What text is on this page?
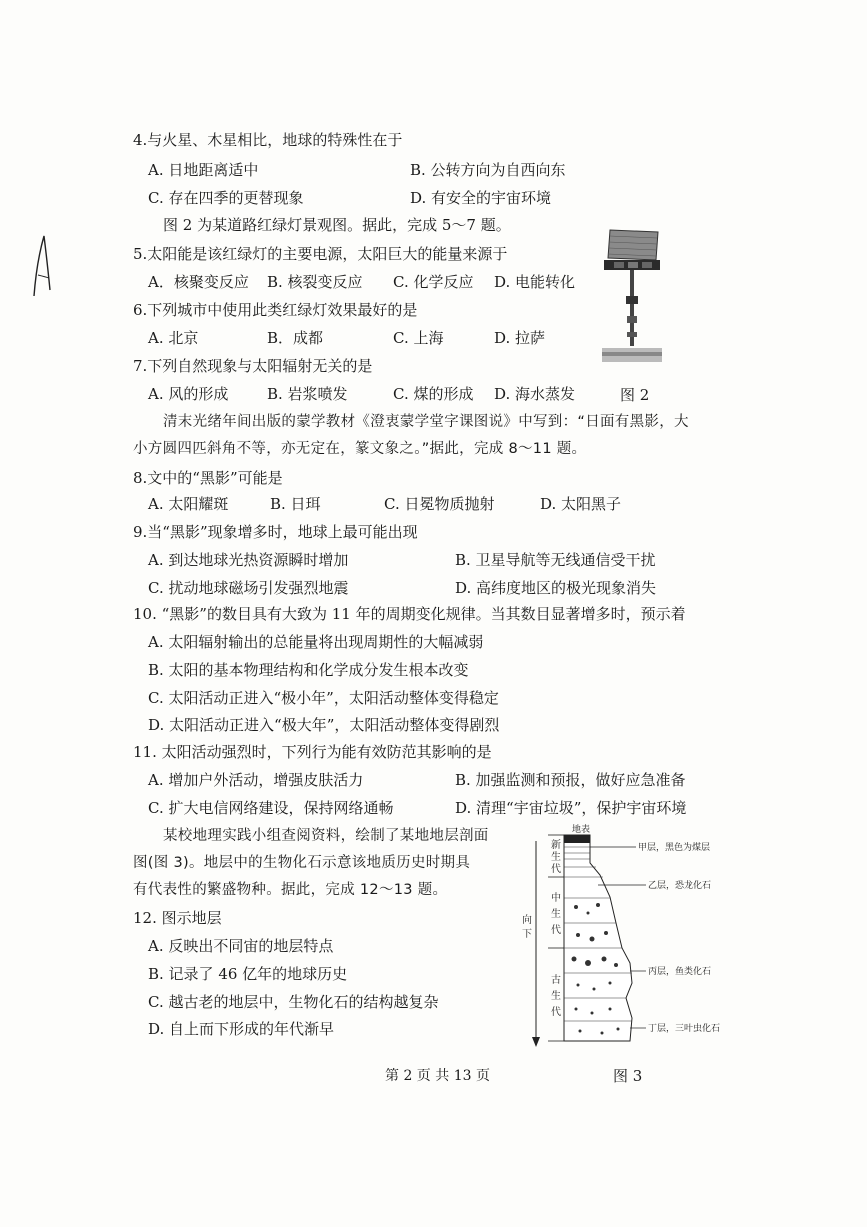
4.与火星、木星相比，地球的特殊性在于
A. 日地距离适中	B. 公转方向为自西向东
C. 存在四季的更替现象	D. 有安全的宇宙环境
图 2 为某道路红绿灯景观图。据此，完成 5～7 题。
5.太阳能是该红绿灯的主要电源，太阳巨大的能量来源于
A．核聚变反应 B. 核裂变反应 C. 化学反应 D. 电能转化
6.下列城市中使用此类红绿灯效果最好的是
A. 北京	B．成都	C. 上海	D. 拉萨
7.下列自然现象与太阳辐射无关的是
A. 风的形成	B. 岩浆喷发	C. 煤的形成 D. 海水蒸发	图 2
清末光绪年间出版的蒙学教材《澄衷蒙学堂字课图说》中写到：“日面有黑影，大
小方圆四匹斜角不等，亦无定在，篆文象之。”据此，完成 8～11 题。
8.文中的“黑影”可能是
A. 太阳耀斑	B. 日珥	C. 日冕物质抛射	D. 太阳黑子
9.当“黑影”现象增多时，地球上最可能出现
A. 到达地球光热资源瞬时增加	B. 卫星导航等无线通信受干扰
C. 扰动地球磁场引发强烈地震	D. 高纬度地区的极光现象消失
10. “黑影”的数目具有大致为 11 年的周期变化规律。当其数目显著增多时，预示着
A. 太阳辐射输出的总能量将出现周期性的大幅减弱
B. 太阳的基本物理结构和化学成分发生根本改变
C. 太阳活动正进入“极小年”，太阳活动整体变得稳定
D. 太阳活动正进入“极大年”，太阳活动整体变得剧烈
11. 太阳活动强烈时，下列行为能有效防范其影响的是
A. 增加户外活动，增强皮肤活力	B. 加强监测和预报，做好应急准备
C. 扩大电信网络建设，保持网络通畅	D. 清理“宇宙垃圾”，保护宇宙环境
某校地理实践小组查阅资料，绘制了某地地层剖面
图(图 3)。地层中的生物化石示意该地质历史时期具
有代表性的繁盛物种。据此，完成 12～13 题。
12. 图示地层
A. 反映出不同宙的地层特点
B. 记录了 46 亿年的地球历史
C. 越古老的地层中，生物化石的结构越复杂
D. 自上而下形成的年代渐早
地表
向
下
新
生
代
中
生
代
古
生
代
甲层，黑色为煤层
乙层，恐龙化石
丙层，鱼类化石
丁层，三叶虫化石
图 3
第 2 页 共 13 页
